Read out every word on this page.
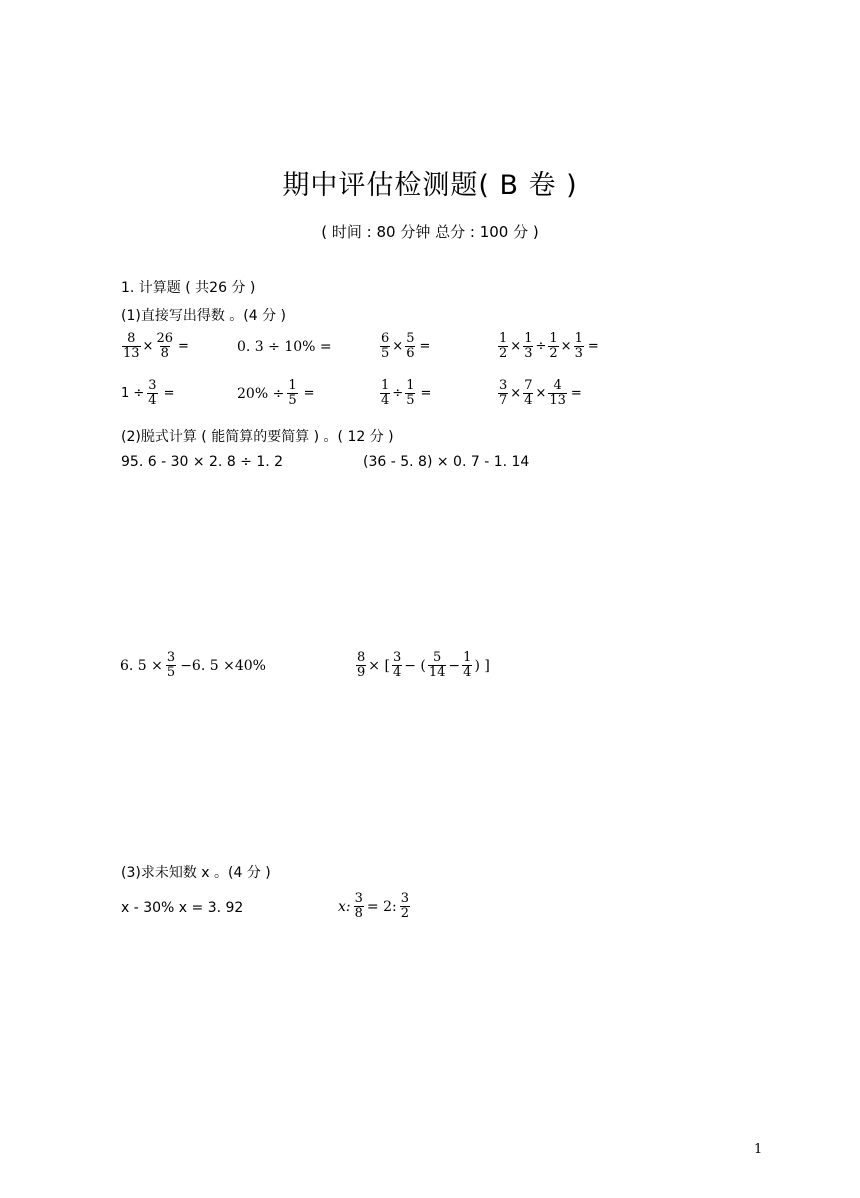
期中评估检测题( B 卷 )
( 时间 : 80 分钟 总分 : 100 分 )
1. 计算题 ( 共26 分 )
(1)直接写出得数 。(4 分 )
$\frac{8}{13} \times \frac{26}{8}$ =	0. 3 ÷ 10% =	$\frac{6}{5} \times \frac{5}{6}$ =	$\frac{1}{2} \times \frac{1}{3} \div \frac{1}{2} \times \frac{1}{3}$ =
$1 \div \frac{3}{4}$ =	$20\% \div \frac{1}{5}$ =	$\frac{1}{4} \div \frac{1}{5}$ =	$\frac{3}{7} \times \frac{7}{4} \times \frac{4}{13}$ =
(2)脱式计算 ( 能简算的要简算 ) 。( 12 分 )
95. 6 - 30 × 2. 8 ÷ 1. 2	(36 - 5. 8) × 0. 7 - 1. 14
6. $5 \times \frac{3}{5} -6$. 5 ×40%	$\frac{8}{9}$ × [ $\frac{3}{4}$ − ( $\frac{5}{14} - \frac{1}{4}$ ) ]
(3)求未知数 x 。(4 分 )
x - 30% x = 3. 92	x: $\frac{3}{8} = 2$: $\frac{3}{2}$
1
